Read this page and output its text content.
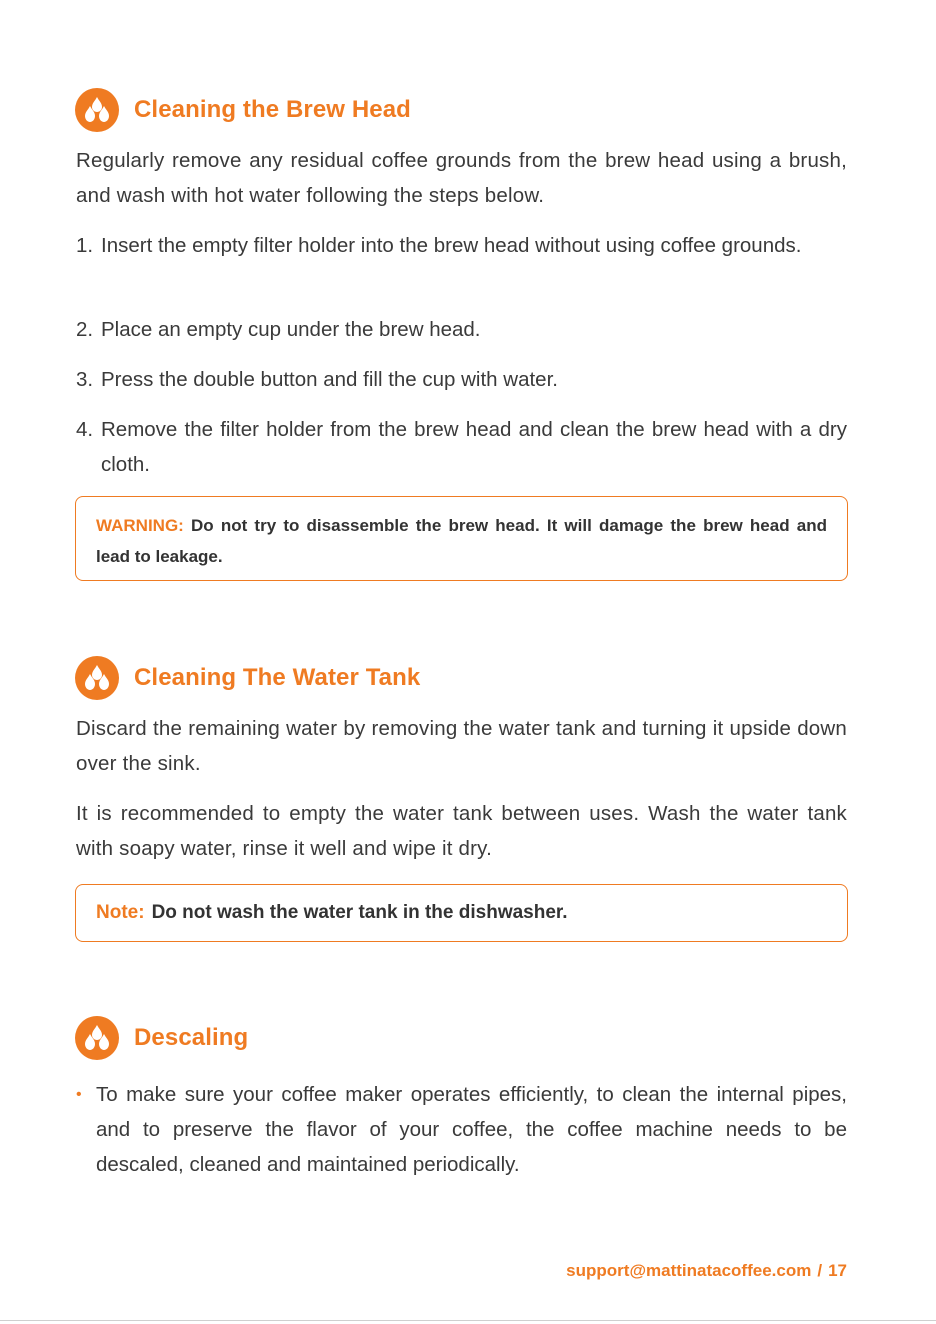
Cleaning the Brew Head

Regularly remove any residual coffee grounds from the brew head using a brush, and wash with hot water following the steps below.

1. Insert the empty filter holder into the brew head without using coffee grounds.
2. Place an empty cup under the brew head.
3. Press the double button and fill the cup with water.
4. Remove the filter holder from the brew head and clean the brew head with a dry cloth.
WARNING: Do not try to disassemble the brew head. It will damage the brew head and lead to leakage.
Cleaning The Water Tank

Discard the remaining water by removing the water tank and turning it upside down over the sink.

It is recommended to empty the water tank between uses. Wash the water tank with soapy water, rinse it well and wipe it dry.

Note: Do not wash the water tank in the dishwasher.
Descaling
• To make sure your coffee maker operates efficiently, to clean the internal pipes, and to preserve the flavor of your coffee, the coffee machine needs to be descaled, cleaned and maintained periodically.
support@mattinatacoffee.com / 17
